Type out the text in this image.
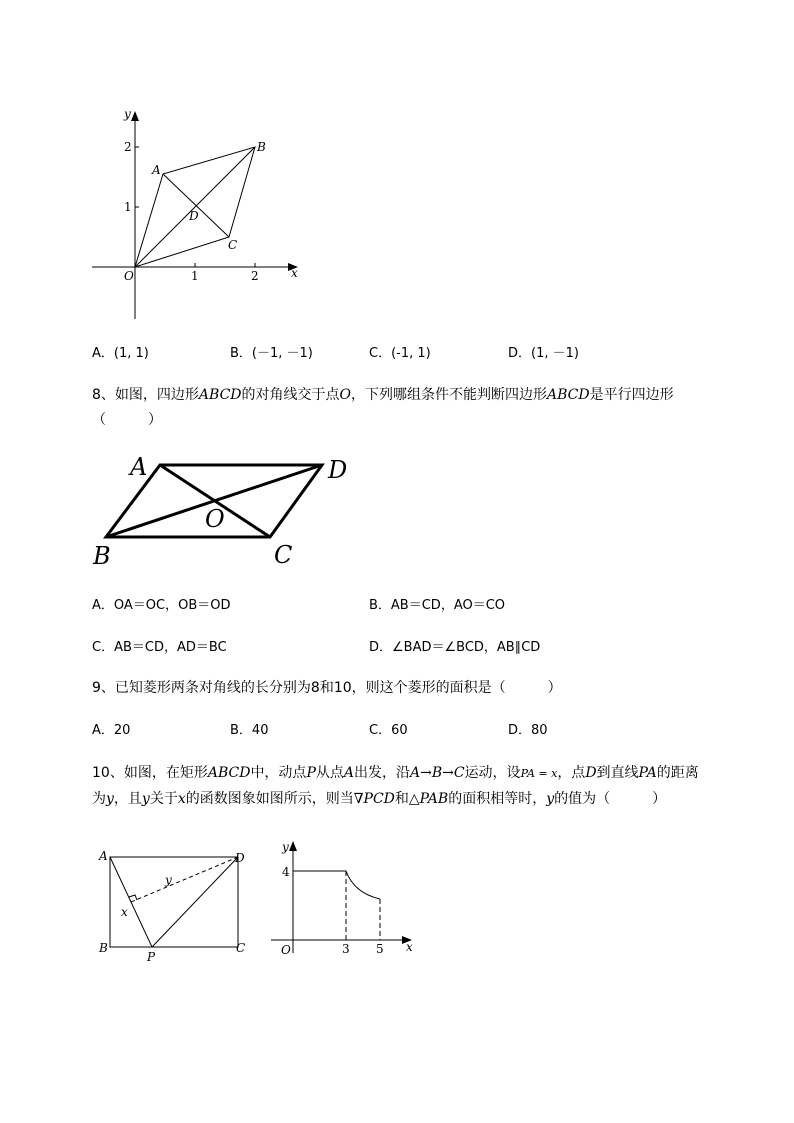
y
x
O	1	2
1
2
A
B
C
D
A．(1, 1)	B．(－1, －1)	C．(-1, 1)	D．(1, －1)
8、如图，四边形ABCD的对角线交于点O，下列哪组条件不能判断四边形ABCD是平行四边形
（　　　）
A	D
B	C
O
A．OA＝OC，OB＝OD	B．AB＝CD，AO＝CO
C．AB＝CD，AD＝BC	D．∠BAD＝∠BCD，AB∥CD
9、已知菱形两条对角线的长分别为8和10，则这个菱形的面积是（　　　）
A．20	B．40	C．60	D．80
10、如图，在矩形ABCD中，动点P从点A出发，沿A→B→C运动，设PA = x，点D到直线PA的距离
为y，且y关于x的函数图象如图所示，则当∇PCD和△PAB的面积相等时，y的值为（　　　）
A	D
B	C
P
x
y
y
x
O
4
3 5
